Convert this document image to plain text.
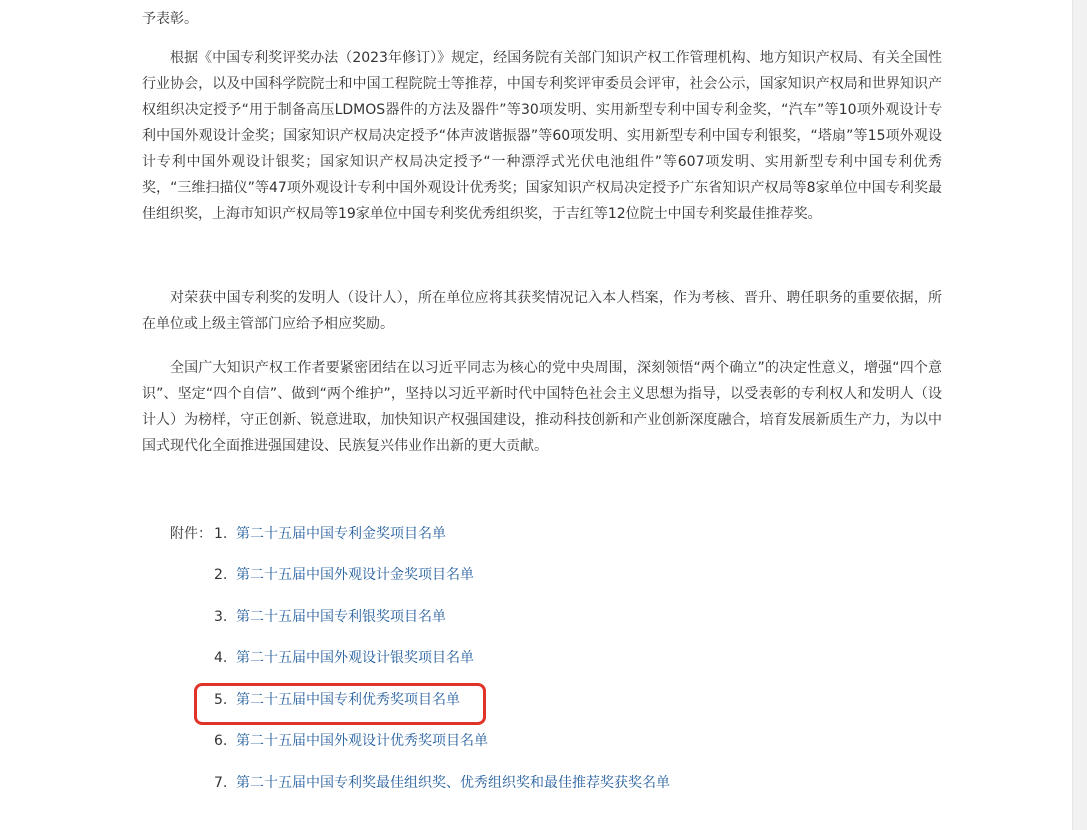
予表彰。

根据《中国专利奖评奖办法（2023年修订）》规定，经国务院有关部门知识产权工作管理机构、地方知识产权局、有关全国性行业协会，以及中国科学院院士和中国工程院院士等推荐，中国专利奖评审委员会评审，社会公示，国家知识产权局和世界知识产权组织决定授予“用于制备高压LDMOS器件的方法及器件”等30项发明、实用新型专利中国专利金奖，“汽车”等10项外观设计专利中国外观设计金奖；国家知识产权局决定授予“体声波谐振器”等60项发明、实用新型专利中国专利银奖，“塔扇”等15项外观设计专利中国外观设计银奖；国家知识产权局决定授予“一种漂浮式光伏电池组件”等607项发明、实用新型专利中国专利优秀奖，“三维扫描仪”等47项外观设计专利中国外观设计优秀奖；国家知识产权局决定授予广东省知识产权局等8家单位中国专利奖最佳组织奖，上海市知识产权局等19家单位中国专利奖优秀组织奖，于吉红等12位院士中国专利奖最佳推荐奖。

对荣获中国专利奖的发明人（设计人），所在单位应将其获奖情况记入本人档案，作为考核、晋升、聘任职务的重要依据，所在单位或上级主管部门应给予相应奖励。

全国广大知识产权工作者要紧密团结在以习近平同志为核心的党中央周围，深刻领悟“两个确立”的决定性意义，增强“四个意识”、坚定“四个自信”、做到“两个维护”，坚持以习近平新时代中国特色社会主义思想为指导，以受表彰的专利权人和发明人（设计人）为榜样，守正创新、锐意进取，加快知识产权强国建设，推动科技创新和产业创新深度融合，培育发展新质生产力，为以中国式现代化全面推进强国建设、民族复兴伟业作出新的更大贡献。

附件： 1. 第二十五届中国专利金奖项目名单
2. 第二十五届中国外观设计金奖项目名单
3. 第二十五届中国专利银奖项目名单
4. 第二十五届中国外观设计银奖项目名单
5. 第二十五届中国专利优秀奖项目名单
6. 第二十五届中国外观设计优秀奖项目名单
7. 第二十五届中国专利奖最佳组织奖、优秀组织奖和最佳推荐奖获奖名单
